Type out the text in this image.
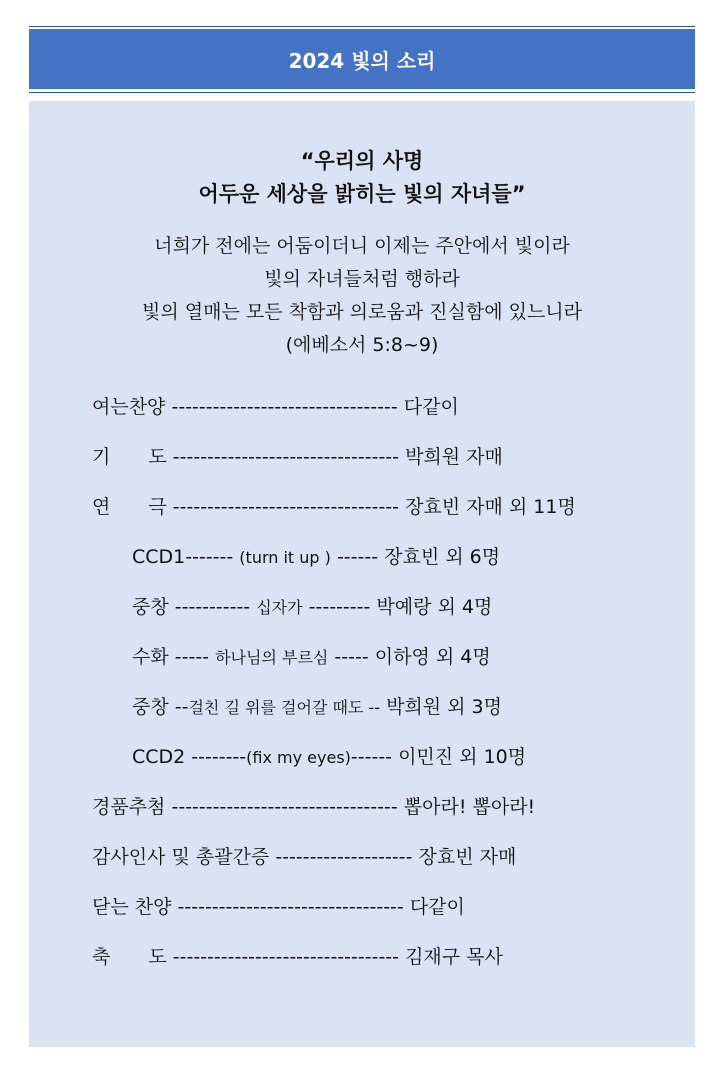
2024 빛의 소리
“우리의 사명
어두운 세상을 밝히는 빛의 자녀들”
너희가 전에는 어둠이더니 이제는 주안에서 빛이라
빛의 자녀들처럼 행하라
빛의 열매는 모든 착함과 의로움과 진실함에 있느니라
(에베소서 5:8~9)
여는찬양 --------------------------------- 다같이
기　　도 --------------------------------- 박희원 자매
연　　극 --------------------------------- 장효빈 자매 외 11명
CCD1------- (turn it up ) ------ 장효빈 외 6명
중창 ----------- 십자가 --------- 박예랑 외 4명
수화 ----- 하나님의 부르심 ----- 이하영 외 4명
중창 --걸친 길 위를 걸어갈 때도 -- 박희원 외 3명
CCD2 --------(fix my eyes)------ 이민진 외 10명
경품추첨 --------------------------------- 뽑아라! 뽑아라!
감사인사 및 총괄간증 -------------------- 장효빈 자매
닫는 찬양 --------------------------------- 다같이
축　　도 --------------------------------- 김재구 목사
